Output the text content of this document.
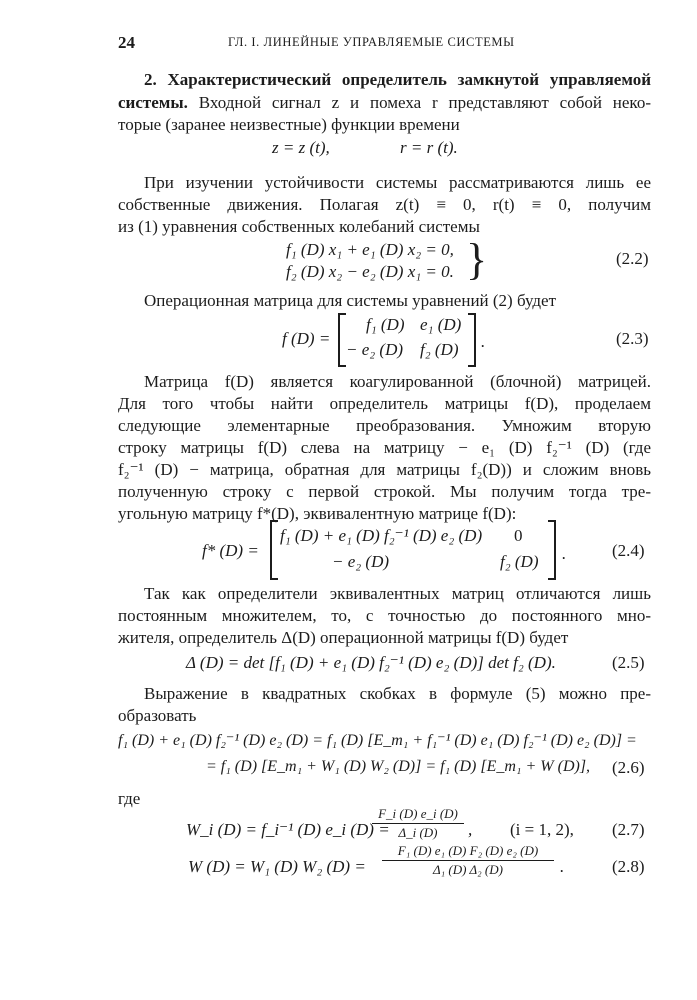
24	ГЛ. I. ЛИНЕЙНЫЕ УПРАВЛЯЕМЫЕ СИСТЕМЫ
2. Характеристический определитель замкнутой управляемой
системы. Входной сигнал z и помеха r представляют собой неко-
торые (заранее неизвестные) функции времени
z = z (t),	r = r (t).
При изучении устойчивости системы рассматриваются лишь ее
собственные движения. Полагая z(t) ≡ 0, r(t) ≡ 0, получим
из (1) уравнения собственных колебаний системы
f₁ (D) x₁ + e₁ (D) x₂ = 0,
f₂ (D) x₂ − e₂ (D) x₁ = 0. }	(2.2)
Операционная матрица для системы уравнений (2) будет
f (D) =
f₁ (D) e₁ (D)
− e₂ (D) f₂ (D) .	(2.3)
Матрица f(D) является коагулированной (блочной) матрицей.
Для того чтобы найти определитель матрицы f(D), проделаем
следующие элементарные преобразования. Умножим вторую
строку матрицы f(D) слева на матрицу − e₁ (D) f₂⁻¹ (D) (где
f₂⁻¹ (D) − матрица, обратная для матрицы f₂(D)) и сложим вновь
полученную строку с первой строкой. Мы получим тогда тре-
угольную матрицу f*(D), эквивалентную матрице f(D):
f* (D) =
f₁ (D) + e₁ (D) f₂⁻¹ (D) e₂ (D) 0
− e₂ (D)	f₂ (D) .	(2.4)
Так как определители эквивалентных матриц отличаются лишь
постоянным множителем, то, с точностью до постоянного мно-
жителя, определитель Δ(D) операционной матрицы f(D) будет
Δ (D) = det [f₁ (D) + e₁ (D) f₂⁻¹ (D) e₂ (D)] det f₂ (D).	(2.5)
Выражение в квадратных скобках в формуле (5) можно пре-
образовать
f₁ (D) + e₁ (D) f₂⁻¹ (D) e₂ (D) = f₁ (D) [E_m₁ + f₁⁻¹ (D) e₁ (D) f₂⁻¹ (D) e₂ (D)] =
= f₁ (D) [E_m₁ + W₁ (D) W₂ (D)] = f₁ (D) [E_m₁ + W (D)], (2.6)
где
W_i (D) = f_i⁻¹ (D) e_i (D) =
F_i (D) e_i (D)
Δ_i (D)	, (i = 1, 2), (2.7)
W (D) = W₁ (D) W₂ (D) =
F₁ (D) e₁ (D) F₂ (D) e₂ (D)
Δ₁ (D) Δ₂ (D)	.	(2.8)
